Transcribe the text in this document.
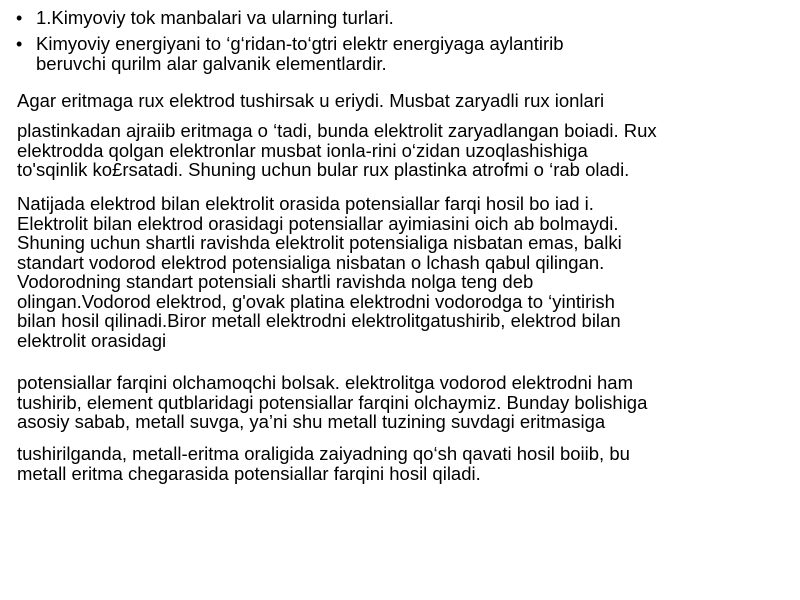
• 1.Kimyoviy tok manbalari va ularning turlari.
• Kimyoviy energiyani to ‘g‘ridan-to‘gtri elektr energiyaga aylantirib
beruvchi qurilm alar galvanik elementlardir.

Agar eritmaga rux elektrod tushirsak u eriydi. Musbat zaryadli rux ionlari

plastinkadan ajraiib eritmaga o ‘tadi, bunda elektrolit zaryadlangan boiadi. Rux
elektrodda qolgan elektronlar musbat ionla-rini o‘zidan uzoqlashishiga
to'sqinlik ko£rsatadi. Shuning uchun bular rux plastinka atrofmi o ‘rab oladi.

Natijada elektrod bilan elektrolit orasida potensiallar farqi hosil bo iad i.
Elektrolit bilan elektrod orasidagi potensiallar ayimiasini oich ab bolmaydi.
Shuning uchun shartli ravishda elektrolit potensialiga nisbatan emas, balki
standart vodorod elektrod potensialiga nisbatan o lchash qabul qilingan.
Vodorodning standart potensiali shartli ravishda nolga teng deb
olingan.Vodorod elektrod, g'ovak platina elektrodni vodorodga to ‘yintirish
bilan hosil qilinadi.Biror metall elektrodni elektrolitgatushirib, elektrod bilan
elektrolit orasidagi

potensiallar farqini olchamoqchi bolsak. elektrolitga vodorod elektrodni ham
tushirib, element qutblaridagi potensiallar farqini olchaymiz. Bunday bolishiga
asosiy sabab, metall suvga, ya’ni shu metall tuzining suvdagi eritmasiga

tushirilganda, metall-eritma oraligida zaiyadning qo‘sh qavati hosil boiib, bu
metall eritma chegarasida potensiallar farqini hosil qiladi.
